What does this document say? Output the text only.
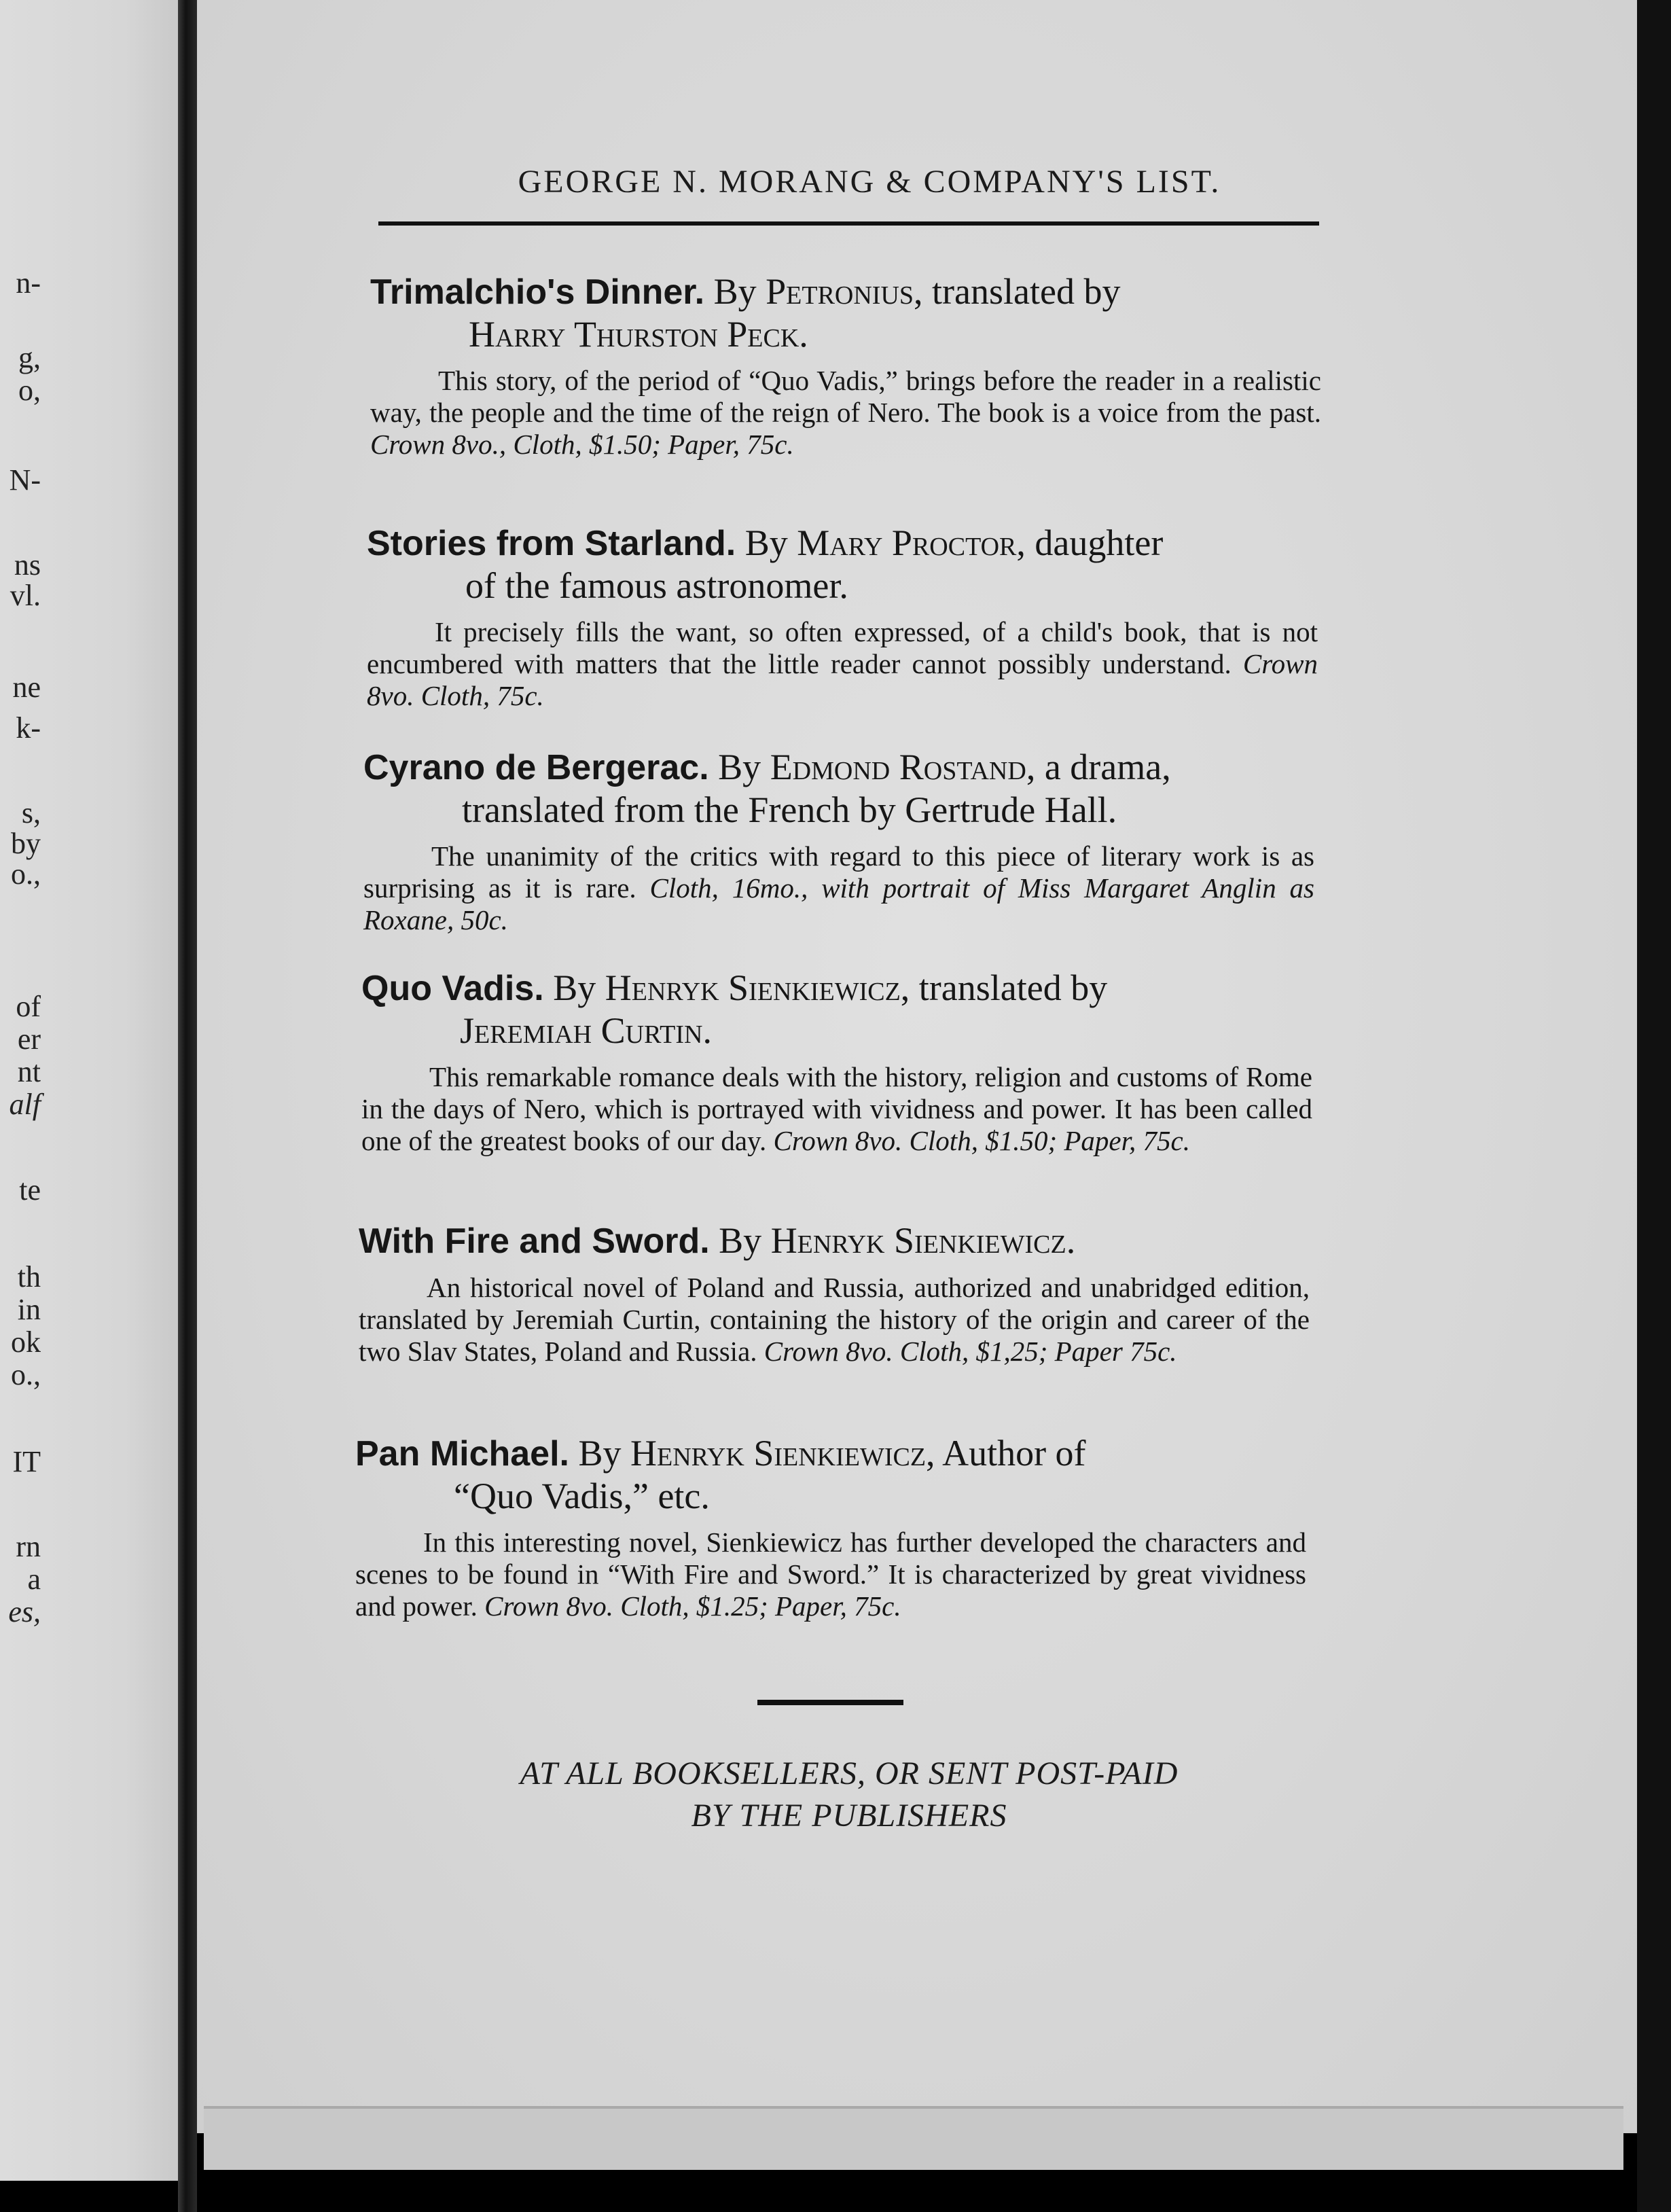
n-
g,
o,
N-
ns
vl.
ne
k-
s,
by
o.,
of
er
nt
alf
te
th
in
ok
o.,
IT
rn
a
es,
GEORGE N. MORANG & COMPANY'S LIST.
Trimalchio's Dinner. By Petronius, translated by
Harry Thurston Peck.
This story, of the period of “Quo Vadis,” brings before the reader in a realistic way, the people and the time of the reign of Nero. The book is a voice from the past. Crown 8vo., Cloth, $1.50; Paper, 75c.
Stories from Starland. By Mary Proctor, daughter
of the famous astronomer.
It precisely fills the want, so often expressed, of a child's book, that is not encumbered with matters that the little reader cannot possibly understand. Crown 8vo. Cloth, 75c.
Cyrano de Bergerac. By Edmond Rostand, a drama,
translated from the French by Gertrude Hall.
The unanimity of the critics with regard to this piece of literary work is as surprising as it is rare. Cloth, 16mo., with portrait of Miss Margaret Anglin as Roxane, 50c.
Quo Vadis. By Henryk Sienkiewicz, translated by
Jeremiah Curtin.
This remarkable romance deals with the history, religion and customs of Rome in the days of Nero, which is portrayed with vividness and power. It has been called one of the greatest books of our day. Crown 8vo. Cloth, $1.50; Paper, 75c.
With Fire and Sword. By Henryk Sienkiewicz.
An historical novel of Poland and Russia, authorized and unabridged edition, translated by Jeremiah Curtin, containing the history of the origin and career of the two Slav States, Poland and Russia. Crown 8vo. Cloth, $1,25; Paper 75c.
Pan Michael. By Henryk Sienkiewicz, Author of
“Quo Vadis,” etc.
In this interesting novel, Sienkiewicz has further developed the characters and scenes to be found in “With Fire and Sword.” It is characterized by great vividness and power. Crown 8vo. Cloth, $1.25; Paper, 75c.
AT ALL BOOKSELLERS, OR SENT POST-PAID
BY THE PUBLISHERS
